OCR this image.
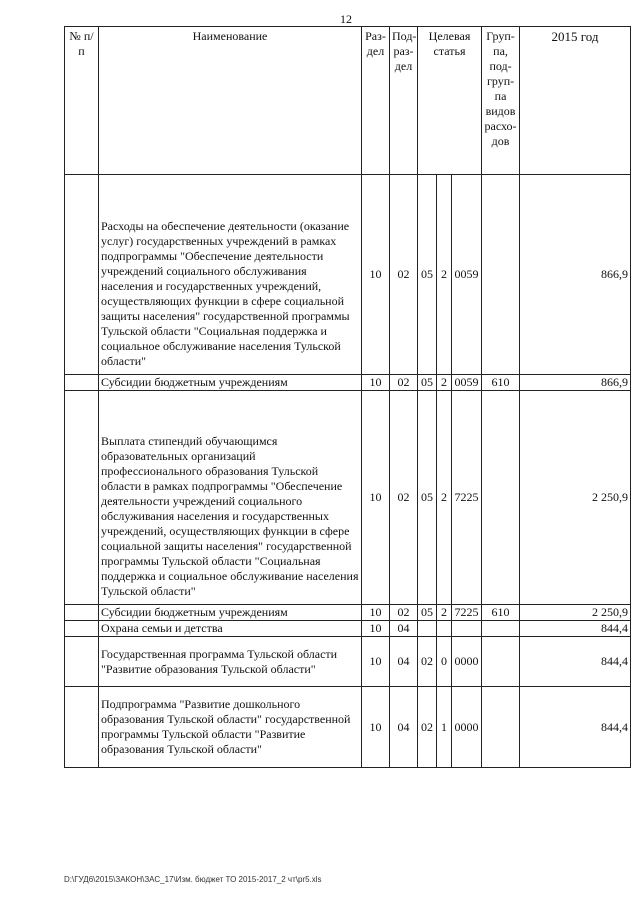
12
№ п/п	Наименование	Раз-дел	Под-раз-дел	Целевая статья			Груп-па, под-груп-па видов расхо-дов	2015 год
	Расходы на обеспечение деятельности (оказание услуг) государственных учреждений в рамках подпрограммы "Обеспечение деятельности учреждений социального обслуживания населения и государственных учреждений, осуществляющих функции в сфере социальной защиты населения" государственной программы Тульской области "Социальная поддержка и социальное обслуживание населения Тульской области"	10	02	05	2	0059		866,9
	Субсидии бюджетным учреждениям	10	02	05	2	0059	610	866,9
	Выплата стипендий обучающимся образовательных организаций профессионального образования Тульской области в рамках подпрограммы "Обеспечение деятельности учреждений социального обслуживания населения и государственных учреждений, осуществляющих функции в сфере социальной защиты населения" государственной программы Тульской области "Социальная поддержка и социальное обслуживание населения Тульской области"	10	02	05	2	7225		2 250,9
	Субсидии бюджетным учреждениям	10	02	05	2	7225	610	2 250,9
	Охрана семьи и детства	10	04					844,4
	Государственная программа Тульской области "Развитие образования Тульской области"	10	04	02	0	0000		844,4
	Подпрограмма "Развитие дошкольного образования Тульской области" государственной программы Тульской области "Развитие образования Тульской области"	10	04	02	1	0000		844,4
D:\ГУД6\2015\ЗАКОН\ЗАС_17\Изм. бюджет ТО 2015-2017_2 чт\pr5.xls
